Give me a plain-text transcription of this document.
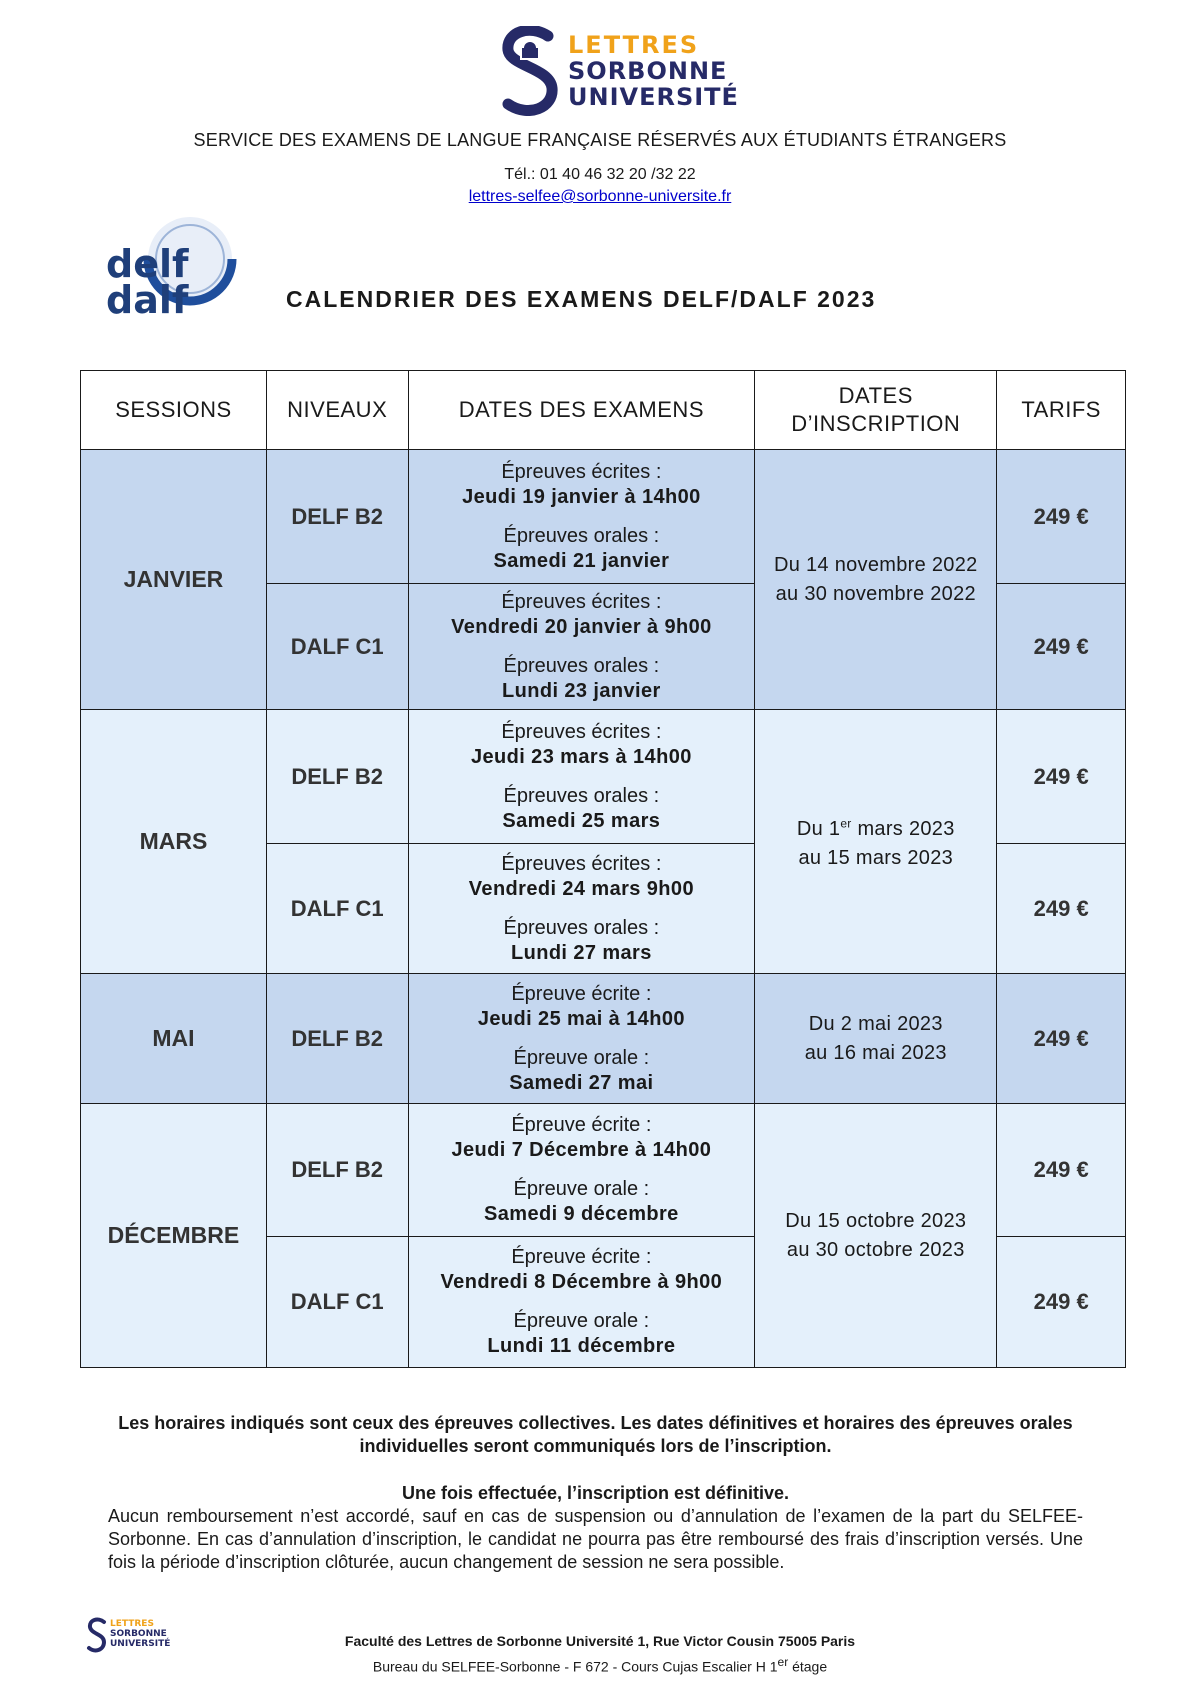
LETTRES
SORBONNE
UNIVERSITÉ
SERVICE DES EXAMENS DE LANGUE FRANÇAISE RÉSERVÉS AUX ÉTUDIANTS ÉTRANGERS
Tél.: 01 40 46 32 20 /32 22
lettres-selfee@sorbonne-universite.fr
delf
dalf	CALENDRIER DES EXAMENS DELF/DALF 2023
SESSIONS	NIVEAUX	DATES DES EXAMENS	DATES
D’INSCRIPTION	TARIFS
JANVIER	DELF B2	Épreuves écrites :
Jeudi 19 janvier à 14h00
Épreuves orales :
Samedi 21 janvier	Du 14 novembre 2022
au 30 novembre 2022	249 €
	DALF C1	Épreuves écrites :
Vendredi 20 janvier à 9h00
Épreuves orales :
Lundi 23 janvier		249 €
MARS	DELF B2	Épreuves écrites :
Jeudi 23 mars à 14h00
Épreuves orales :
Samedi 25 mars	Du 1er mars 2023
au 15 mars 2023	249 €
	DALF C1	Épreuves écrites :
Vendredi 24 mars 9h00
Épreuves orales :
Lundi 27 mars		249 €
MAI	DELF B2	Épreuve écrite :
Jeudi 25 mai à 14h00
Épreuve orale :
Samedi 27 mai	Du 2 mai 2023
au 16 mai 2023	249 €
DÉCEMBRE	DELF B2	Épreuve écrite :
Jeudi 7 Décembre à 14h00
Épreuve orale :
Samedi 9 décembre	Du 15 octobre 2023
au 30 octobre 2023	249 €
	DALF C1	Épreuve écrite :
Vendredi 8 Décembre à 9h00
Épreuve orale :
Lundi 11 décembre		249 €
Les horaires indiqués sont ceux des épreuves collectives. Les dates définitives et horaires des épreuves orales individuelles seront communiqués lors de l’inscription.
Une fois effectuée, l’inscription est définitive.
Aucun remboursement n’est accordé, sauf en cas de suspension ou d’annulation de l’examen de la part du SELFEE-Sorbonne. En cas d’annulation d’inscription, le candidat ne pourra pas être remboursé des frais d’inscription versés. Une fois la période d’inscription clôturée, aucun changement de session ne sera possible.
LETTRES
SORBONNE
UNIVERSITÉ	Faculté des Lettres de Sorbonne Université 1, Rue Victor Cousin 75005 Paris
Bureau du SELFEE-Sorbonne - F 672 - Cours Cujas Escalier H 1er étage
